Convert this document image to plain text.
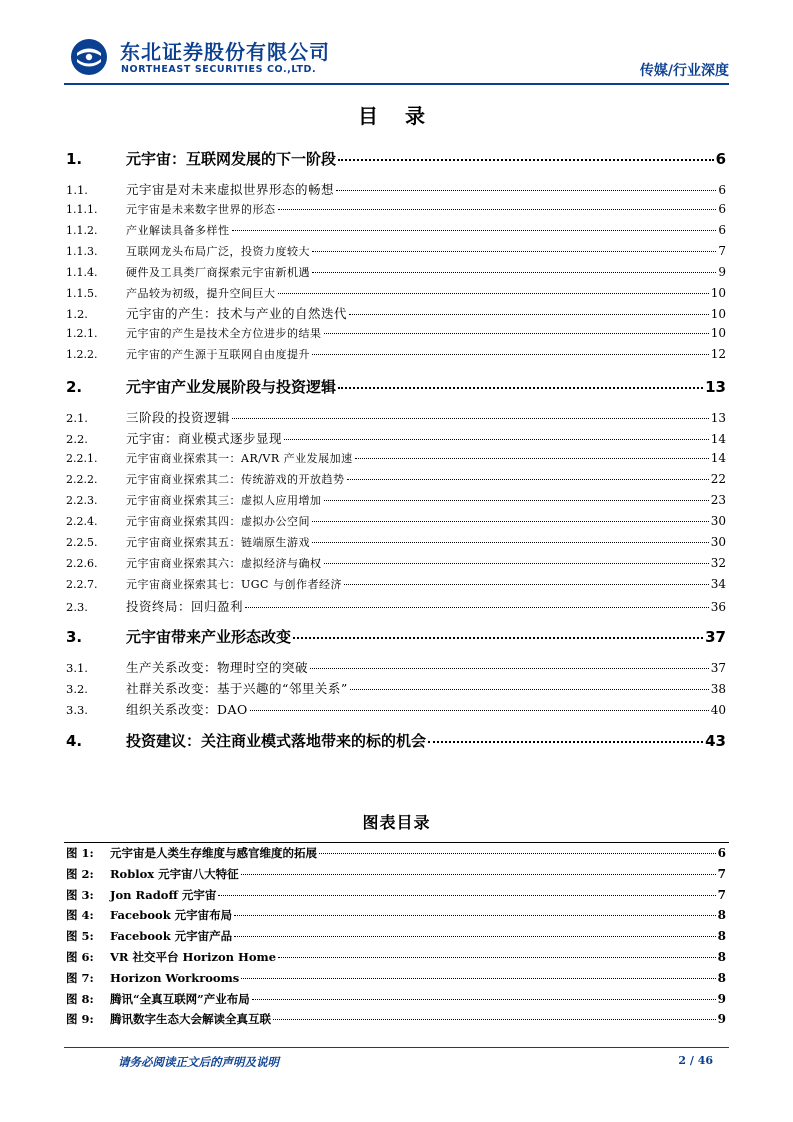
东北证券股份有限公司
NORTHEAST SECURITIES CO.,LTD.	传媒/行业深度
目 录
1.	元宇宙：互联网发展的下一阶段	6
1.1.	元宇宙是对未来虚拟世界形态的畅想	6
1.1.1.	元宇宙是未来数字世界的形态	6
1.1.2.	产业解读具备多样性	6
1.1.3.	互联网龙头布局广泛，投资力度较大	7
1.1.4.	硬件及工具类厂商探索元宇宙新机遇	9
1.1.5.	产品较为初级，提升空间巨大	10
1.2.	元宇宙的产生：技术与产业的自然迭代	10
1.2.1.	元宇宙的产生是技术全方位进步的结果	10
1.2.2.	元宇宙的产生源于互联网自由度提升	12
2.	元宇宙产业发展阶段与投资逻辑	13
2.1.	三阶段的投资逻辑	13
2.2.	元宇宙：商业模式逐步显现	14
2.2.1.	元宇宙商业探索其一：AR/VR 产业发展加速	14
2.2.2.	元宇宙商业探索其二：传统游戏的开放趋势	22
2.2.3.	元宇宙商业探索其三：虚拟人应用增加	23
2.2.4.	元宇宙商业探索其四：虚拟办公空间	30
2.2.5.	元宇宙商业探索其五：链端原生游戏	30
2.2.6.	元宇宙商业探索其六：虚拟经济与确权	32
2.2.7.	元宇宙商业探索其七：UGC 与创作者经济	34
2.3.	投资终局：回归盈利	36
3.	元宇宙带来产业形态改变	37
3.1.	生产关系改变：物理时空的突破	37
3.2.	社群关系改变：基于兴趣的“邻里关系”	38
3.3.	组织关系改变：DAO	40
4.	投资建议：关注商业模式落地带来的标的机会	43
图表目录
图 1:	元宇宙是人类生存维度与感官维度的拓展	6
图 2:	Roblox 元宇宙八大特征	7
图 3:	Jon Radoff 元宇宙	7
图 4:	Facebook 元宇宙布局	8
图 5:	Facebook 元宇宙产品	8
图 6:	VR 社交平台 Horizon Home	8
图 7:	Horizon Workrooms	8
图 8:	腾讯“全真互联网”产业布局	9
图 9:	腾讯数字生态大会解读全真互联	9
请务必阅读正文后的声明及说明	2 / 46
